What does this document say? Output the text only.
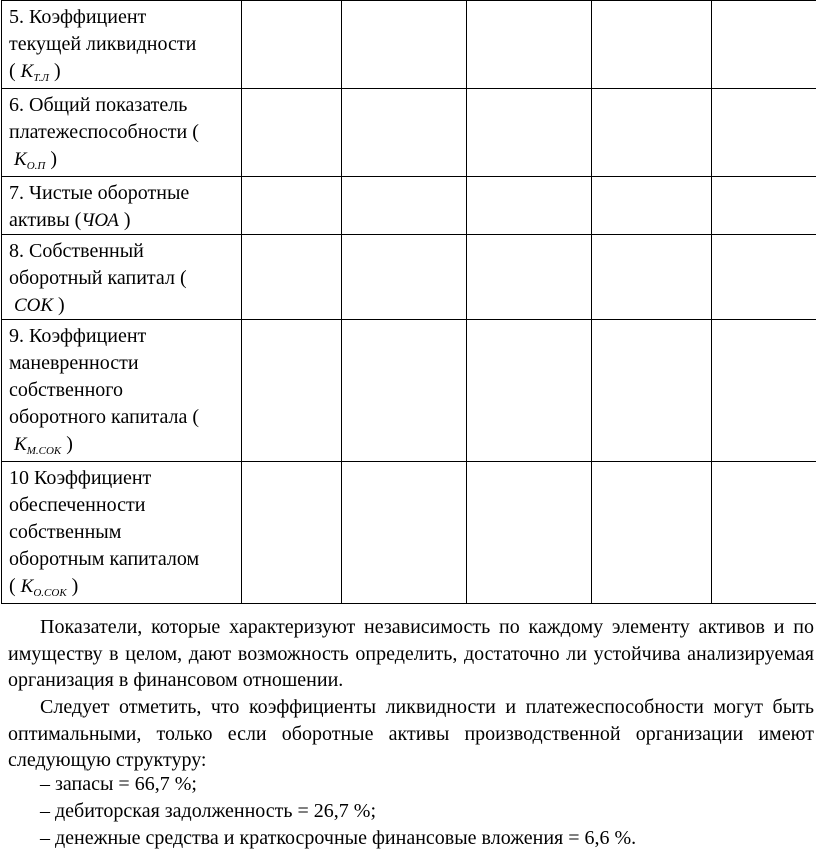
5. Коэффициент
текущей ликвидности
( $K_{Т.Л}$ )					
6. Общий показатель
платежеспособности (
$K_{О.П}$ )					
7. Чистые оборотные
активы (ЧОА )					
8. Собственный
оборотный капитал (
СОК )					
9. Коэффициент
маневренности
собственного
оборотного капитала (
$K_{М.СОК}$ )					
10 Коэффициент
обеспеченности
собственным
оборотным капиталом
( $K_{О.СОК}$ )					

Показатели, которые характеризуют независимость по каждому элементу активов и по имуществу в целом, дают возможность определить, достаточно ли устойчива анализируемая организация в финансовом отношении.

Следует отметить, что коэффициенты ликвидности и платежеспособности могут быть оптимальными, только если оборотные активы производственной организации имеют следующую структуру:

– запасы = 66,7 %;

– дебиторская задолженность = 26,7 %;

– денежные средства и краткосрочные финансовые вложения = 6,6 %.
